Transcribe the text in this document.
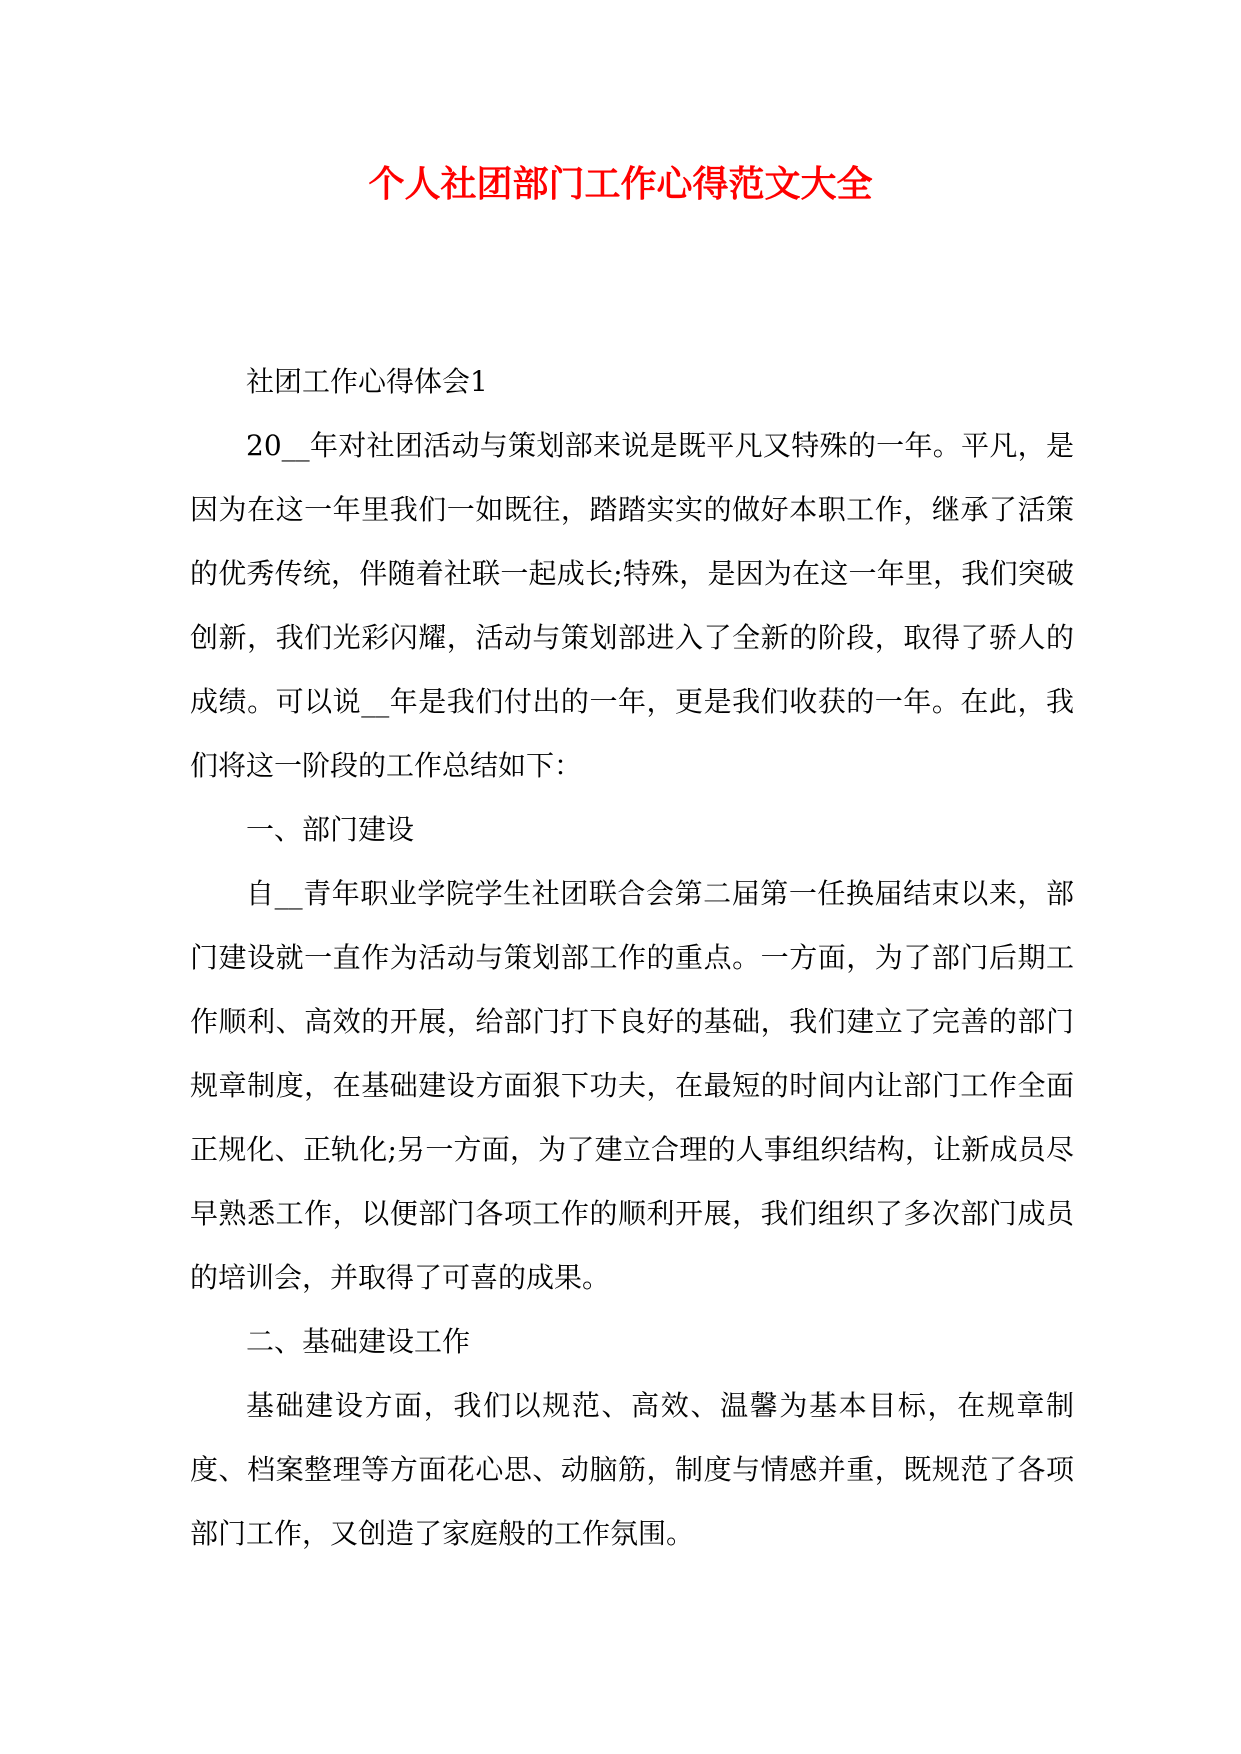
个人社团部门工作心得范文大全

社团工作心得体会1

20__年对社团活动与策划部来说是既平凡又特殊的一年。平凡，是因为在这一年里我们一如既往，踏踏实实的做好本职工作，继承了活策的优秀传统，伴随着社联一起成长;特殊，是因为在这一年里，我们突破创新，我们光彩闪耀，活动与策划部进入了全新的阶段，取得了骄人的成绩。可以说__年是我们付出的一年，更是我们收获的一年。在此，我们将这一阶段的工作总结如下：

一、部门建设

自__青年职业学院学生社团联合会第二届第一任换届结束以来，部门建设就一直作为活动与策划部工作的重点。一方面，为了部门后期工作顺利、高效的开展，给部门打下良好的基础，我们建立了完善的部门规章制度，在基础建设方面狠下功夫，在最短的时间内让部门工作全面正规化、正轨化;另一方面，为了建立合理的人事组织结构，让新成员尽早熟悉工作，以便部门各项工作的顺利开展，我们组织了多次部门成员的培训会，并取得了可喜的成果。

二、基础建设工作

基础建设方面，我们以规范、高效、温馨为基本目标，在规章制度、档案整理等方面花心思、动脑筋，制度与情感并重，既规范了各项部门工作，又创造了家庭般的工作氛围。
